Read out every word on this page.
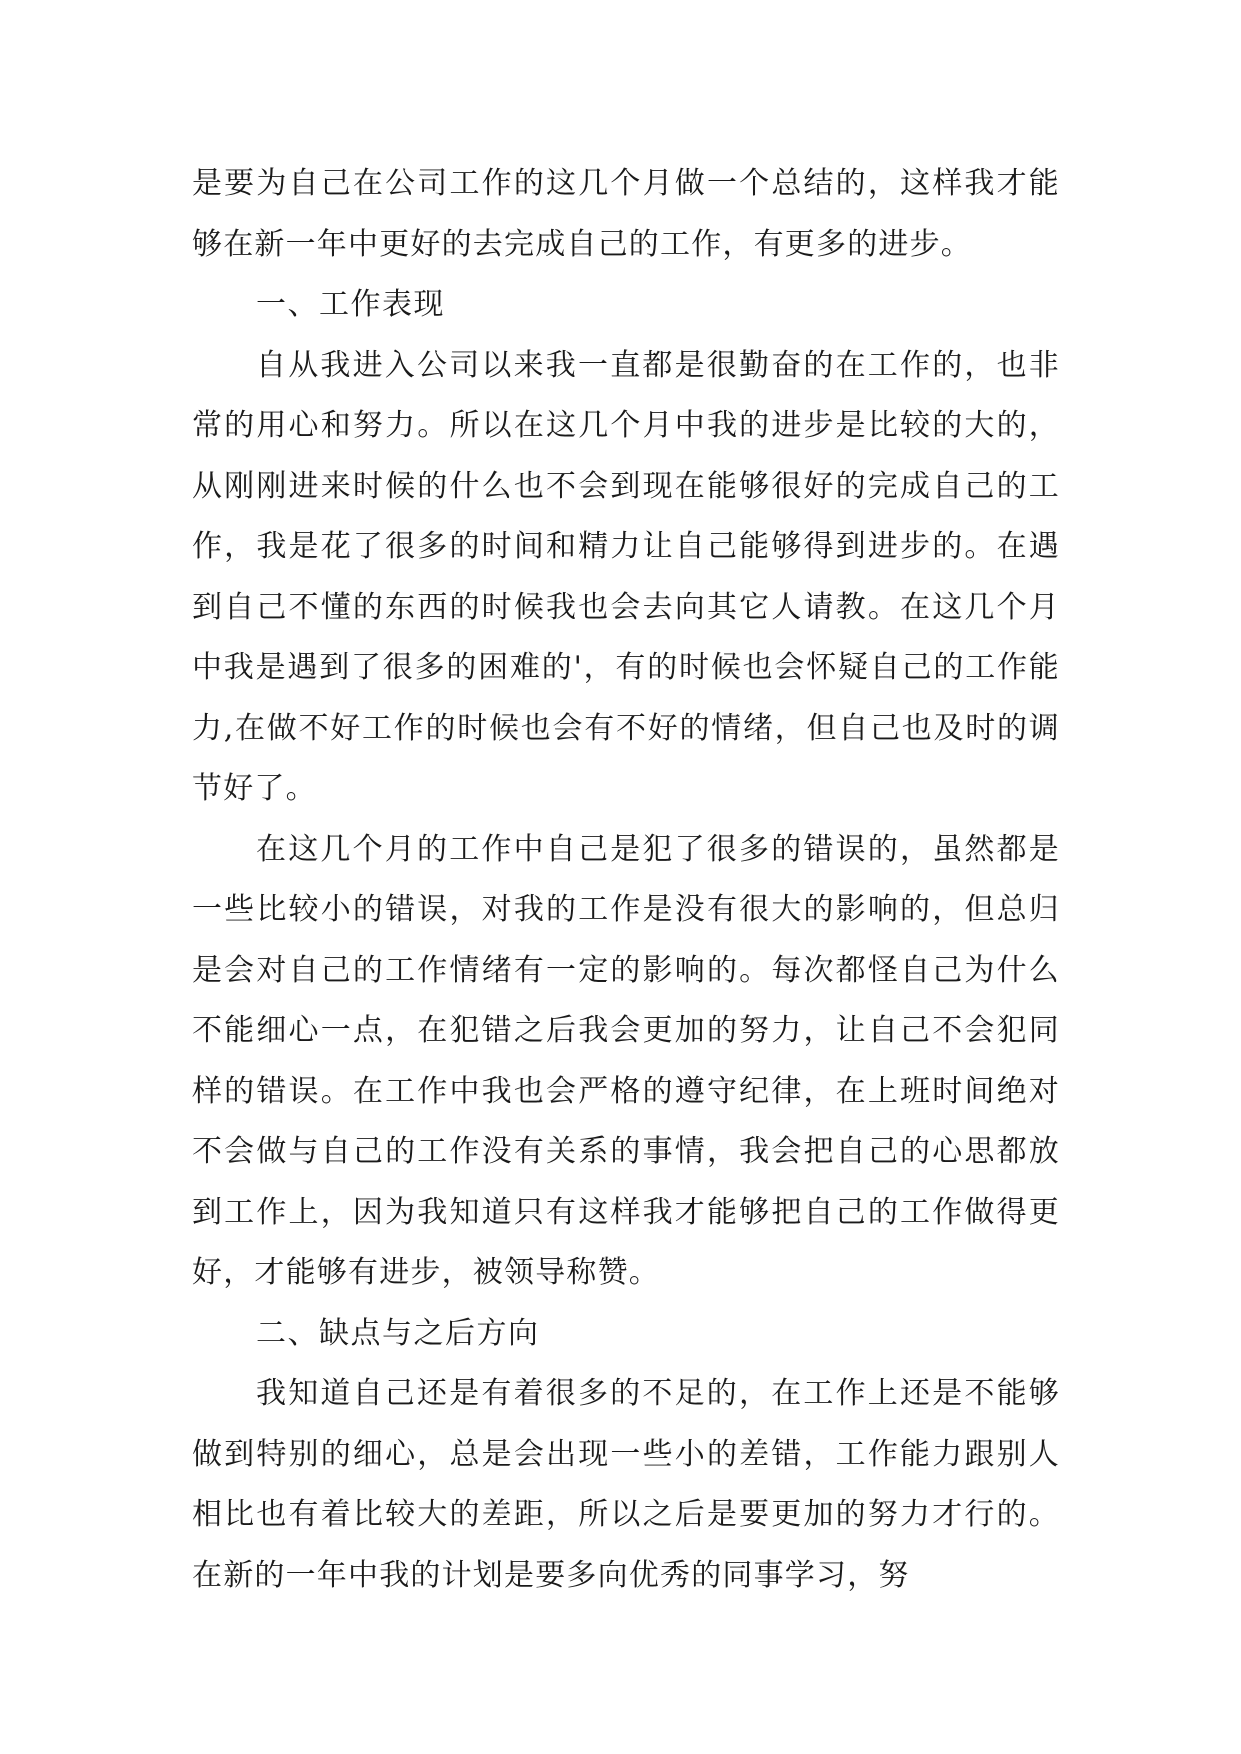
是要为自己在公司工作的这几个月做一个总结的，这样我才能够在新一年中更好的去完成自己的工作，有更多的进步。

一、工作表现

自从我进入公司以来我一直都是很勤奋的在工作的，也非常的用心和努力。所以在这几个月中我的进步是比较的大的，从刚刚进来时候的什么也不会到现在能够很好的完成自己的工作，我是花了很多的时间和精力让自己能够得到进步的。在遇到自己不懂的东西的时候我也会去向其它人请教。在这几个月中我是遇到了很多的困难的'，有的时候也会怀疑自己的工作能力,在做不好工作的时候也会有不好的情绪，但自己也及时的调节好了。

在这几个月的工作中自己是犯了很多的错误的，虽然都是一些比较小的错误，对我的工作是没有很大的影响的，但总归是会对自己的工作情绪有一定的影响的。每次都怪自己为什么不能细心一点，在犯错之后我会更加的努力，让自己不会犯同样的错误。在工作中我也会严格的遵守纪律，在上班时间绝对不会做与自己的工作没有关系的事情，我会把自己的心思都放到工作上，因为我知道只有这样我才能够把自己的工作做得更好，才能够有进步，被领导称赞。

二、缺点与之后方向

我知道自己还是有着很多的不足的，在工作上还是不能够做到特别的细心，总是会出现一些小的差错，工作能力跟别人相比也有着比较大的差距，所以之后是要更加的努力才行的。在新的一年中我的计划是要多向优秀的同事学习，努
